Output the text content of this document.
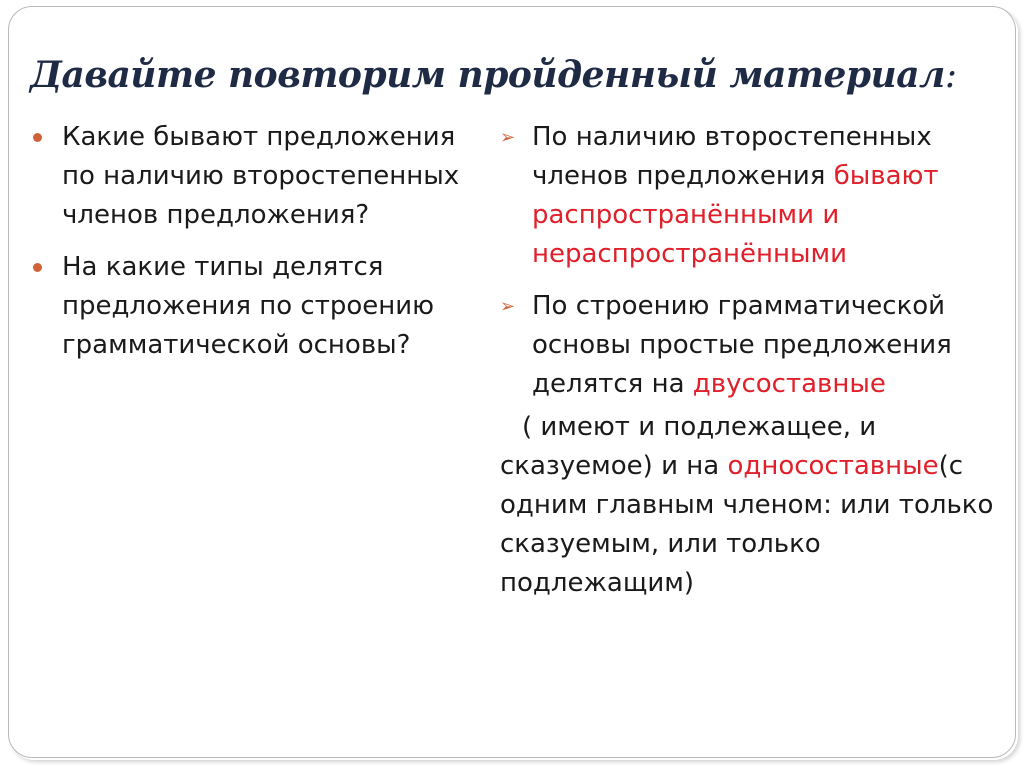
Давайте повторим пройденный материал:
Какие бывают предложения по наличию второстепенных членов предложения?
На какие типы делятся предложения по строению грамматической основы?
➢ По наличию второстепенных членов предложения бывают распространёнными и нераспространёнными
➢ По строению грамматической основы простые предложения делятся на двусоставные
( имеют и подлежащее, и сказуемое) и на односоставные(с одним главным членом: или только сказуемым, или только подлежащим)
